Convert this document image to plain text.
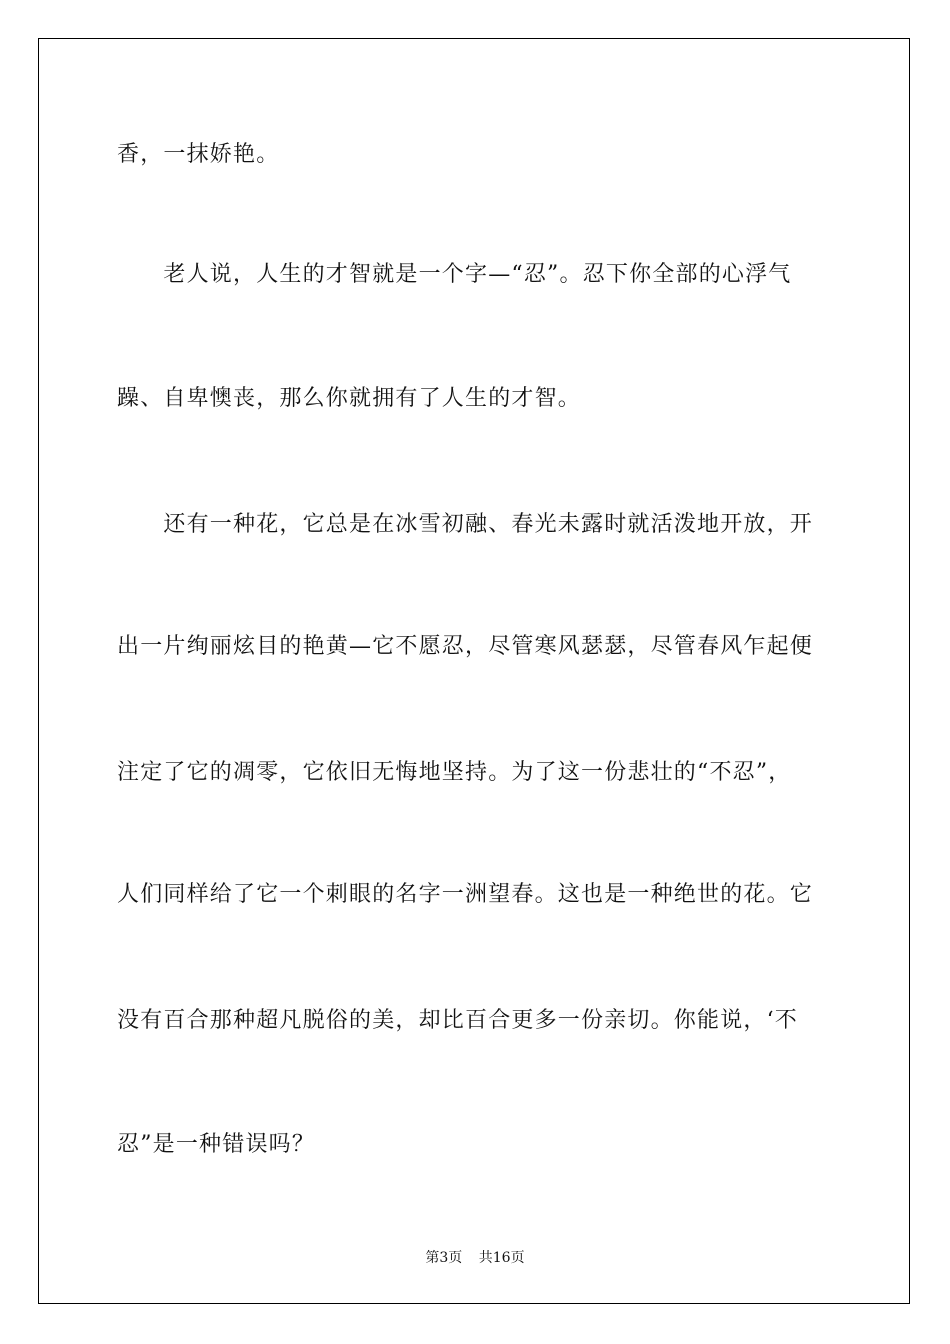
香，一抹娇艳。
　　老人说，人生的才智就是一个字—“忍”。忍下你全部的心浮气
躁、自卑懊丧，那么你就拥有了人生的才智。
　　还有一种花，它总是在冰雪初融、春光未露时就活泼地开放，开
出一片绚丽炫目的艳黄—它不愿忍，尽管寒风瑟瑟，尽管春风乍起便
注定了它的凋零，它依旧无悔地坚持。为了这一份悲壮的“不忍”，
人们同样给了它一个刺眼的名字一洲望春。这也是一种绝世的花。它
没有百合那种超凡脱俗的美，却比百合更多一份亲切。你能说，‘不
忍”是一种错误吗？
第3页 共16页
